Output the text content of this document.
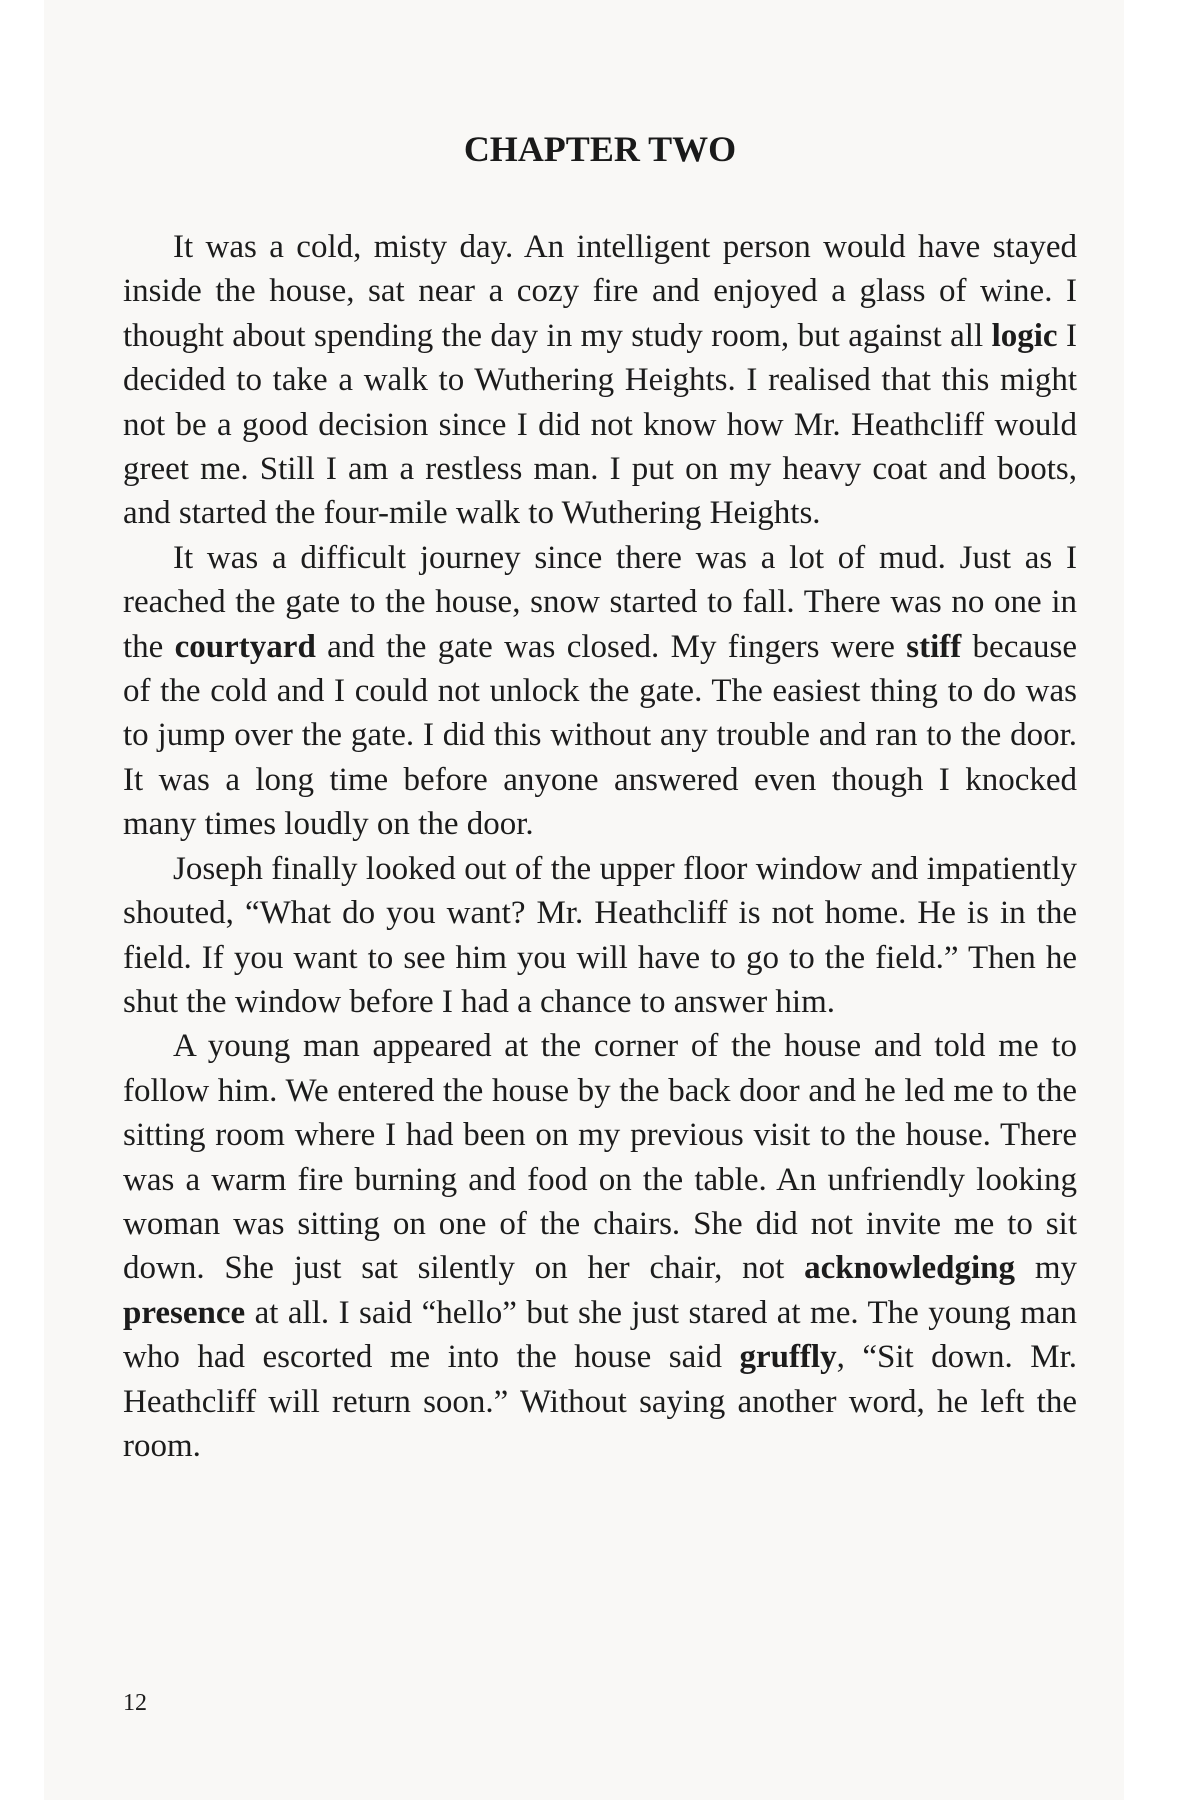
CHAPTER TWO

It was a cold, misty day. An intelligent person would have stayed inside the house, sat near a cozy fire and enjoyed a glass of wine. I thought about spending the day in my study room, but against all logic I decided to take a walk to Wuthering Heights. I realised that this might not be a good decision since I did not know how Mr. Heathcliff would greet me. Still I am a restless man. I put on my heavy coat and boots, and started the four-mile walk to Wuthering Heights.

It was a difficult journey since there was a lot of mud. Just as I reached the gate to the house, snow started to fall. There was no one in the courtyard and the gate was closed. My fingers were stiff because of the cold and I could not unlock the gate. The easiest thing to do was to jump over the gate. I did this without any trouble and ran to the door. It was a long time before anyone answered even though I knocked many times loudly on the door.

Joseph finally looked out of the upper floor window and impatiently shouted, “What do you want? Mr. Heathcliff is not home. He is in the field. If you want to see him you will have to go to the field.” Then he shut the window before I had a chance to answer him.

A young man appeared at the corner of the house and told me to follow him. We entered the house by the back door and he led me to the sitting room where I had been on my previous visit to the house. There was a warm fire burning and food on the table. An unfriendly looking woman was sitting on one of the chairs. She did not invite me to sit down. She just sat silently on her chair, not acknowledging my presence at all. I said “hello” but she just stared at me. The young man who had escorted me into the house said gruffly, “Sit down. Mr. Heathcliff will return soon.” Without saying another word, he left the room.

12
